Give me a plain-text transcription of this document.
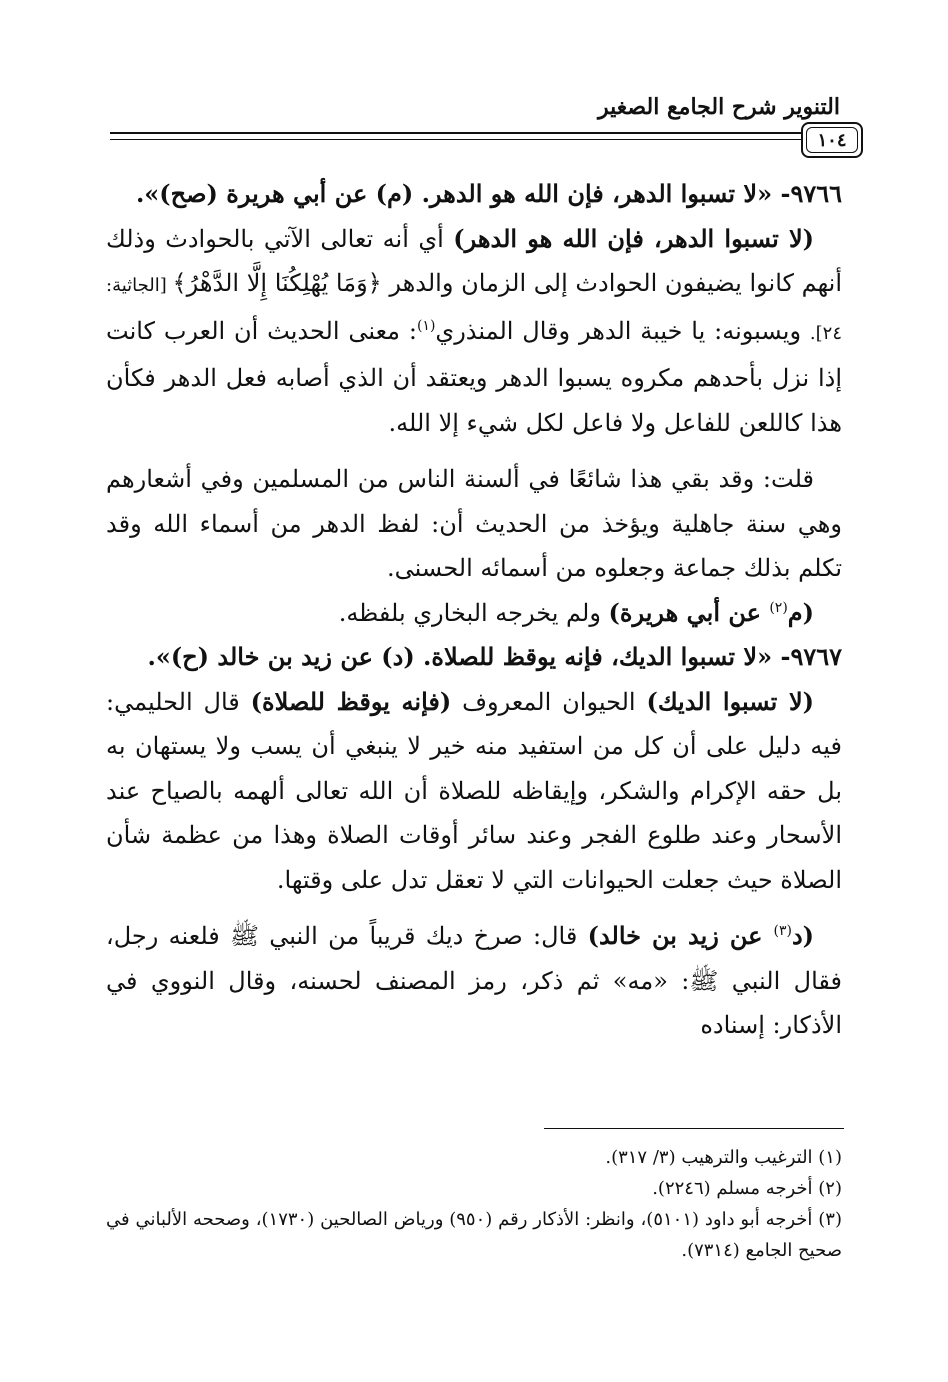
التنوير شرح الجامع الصغير
١٠٤

٩٧٦٦- «لا تسبوا الدهر، فإن الله هو الدهر. (م) عن أبي هريرة (صح)».

(لا تسبوا الدهر، فإن الله هو الدهر) أي أنه تعالى الآتي بالحوادث وذلك أنهم كانوا يضيفون الحوادث إلى الزمان والدهر ﴿وَمَا يُهْلِكُنَا إِلَّا الدَّهْرُ﴾ [الجاثية: ٢٤]. ويسبونه: يا خيبة الدهر وقال المنذري$^{(١)}$: معنى الحديث أن العرب كانت إذا نزل بأحدهم مكروه يسبوا الدهر ويعتقد أن الذي أصابه فعل الدهر فكأن هذا كاللعن للفاعل ولا فاعل لكل شيء إلا الله.

قلت: وقد بقي هذا شائعًا في ألسنة الناس من المسلمين وفي أشعارهم وهي سنة جاهلية ويؤخذ من الحديث أن: لفظ الدهر من أسماء الله وقد تكلم بذلك جماعة وجعلوه من أسمائه الحسنى.

(م$^{(٢)}$ عن أبي هريرة) ولم يخرجه البخاري بلفظه.

٩٧٦٧- «لا تسبوا الديك، فإنه يوقظ للصلاة. (د) عن زيد بن خالد (ح)».

(لا تسبوا الديك) الحيوان المعروف (فإنه يوقظ للصلاة) قال الحليمي: فيه دليل على أن كل من استفيد منه خير لا ينبغي أن يسب ولا يستهان به بل حقه الإكرام والشكر، وإيقاظه للصلاة أن الله تعالى ألهمه بالصياح عند الأسحار وعند طلوع الفجر وعند سائر أوقات الصلاة وهذا من عظمة شأن الصلاة حيث جعلت الحيوانات التي لا تعقل تدل على وقتها.

(د$^{(٣)}$ عن زيد بن خالد) قال: صرخ ديك قريباً من النبي ﷺ فلعنه رجل، فقال النبي ﷺ: «مه» ثم ذكر، رمز المصنف لحسنه، وقال النووي في الأذكار: إسناده

(١) الترغيب والترهيب (٣/ ٣١٧).

(٢) أخرجه مسلم (٢٢٤٦).

(٣) أخرجه أبو داود (٥١٠١)، وانظر: الأذكار رقم (٩٥٠) ورياض الصالحين (١٧٣٠)، وصححه الألباني في صحيح الجامع (٧٣١٤).
